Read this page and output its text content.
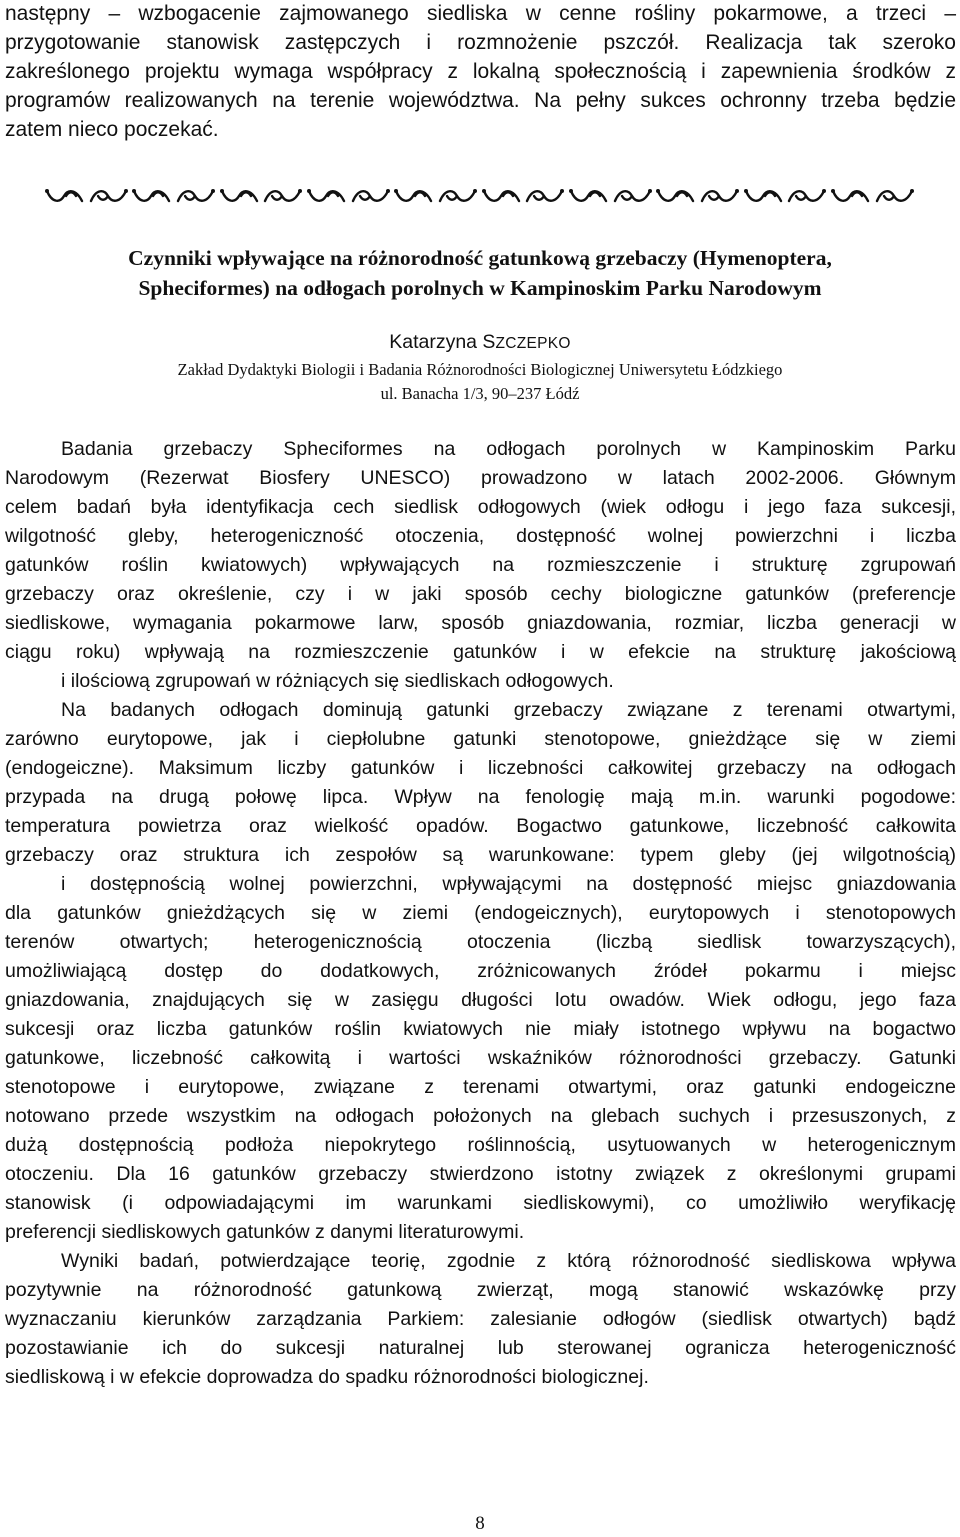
następny – wzbogacenie zajmowanego siedliska w cenne rośliny pokarmowe, a trzeci –
przygotowanie stanowisk zastępczych i rozmnożenie pszczół. Realizacja tak szeroko
zakreślonego projektu wymaga współpracy z lokalną społecznością i zapewnienia środków z
programów realizowanych na terenie województwa. Na pełny sukces ochronny trzeba będzie
zatem nieco poczekać.
Czynniki wpływające na różnorodność gatunkową grzebaczy (Hymenoptera,
Spheciformes) na odłogach porolnych w Kampinoskim Parku Narodowym
Katarzyna SZCZEPKO
Zakład Dydaktyki Biologii i Badania Różnorodności Biologicznej Uniwersytetu Łódzkiego
ul. Banacha 1/3, 90–237 Łódź
Badania grzebaczy Spheciformes na odłogach porolnych w Kampinoskim Parku
Narodowym (Rezerwat Biosfery UNESCO) prowadzono w latach 2002-2006. Głównym
celem badań była identyfikacja cech siedlisk odłogowych (wiek odłogu i jego faza sukcesji,
wilgotność gleby, heterogeniczność otoczenia, dostępność wolnej powierzchni i liczba
gatunków roślin kwiatowych) wpływających na rozmieszczenie i strukturę zgrupowań
grzebaczy oraz określenie, czy i w jaki sposób cechy biologiczne gatunków (preferencje
siedliskowe, wymagania pokarmowe larw, sposób gniazdowania, rozmiar, liczba generacji w
ciągu roku) wpływają na rozmieszczenie gatunków i w efekcie na strukturę jakościową
i ilościową zgrupowań w różniących się siedliskach odłogowych.
Na badanych odłogach dominują gatunki grzebaczy związane z terenami otwartymi,
zarówno eurytopowe, jak i ciepłolubne gatunki stenotopowe, gnieżdżące się w ziemi
(endogeiczne). Maksimum liczby gatunków i liczebności całkowitej grzebaczy na odłogach
przypada na drugą połowę lipca. Wpływ na fenologię mają m.in. warunki pogodowe:
temperatura powietrza oraz wielkość opadów. Bogactwo gatunkowe, liczebność całkowita
grzebaczy oraz struktura ich zespołów są warunkowane: typem gleby (jej wilgotnością)
i dostępnością wolnej powierzchni, wpływającymi na dostępność miejsc gniazdowania
dla gatunków gnieżdżących się w ziemi (endogeicznych), eurytopowych i stenotopowych
terenów otwartych; heterogenicznością otoczenia (liczbą siedlisk towarzyszących),
umożliwiającą dostęp do dodatkowych, zróżnicowanych źródeł pokarmu i miejsc
gniazdowania, znajdujących się w zasięgu długości lotu owadów. Wiek odłogu, jego faza
sukcesji oraz liczba gatunków roślin kwiatowych nie miały istotnego wpływu na bogactwo
gatunkowe, liczebność całkowitą i wartości wskaźników różnorodności grzebaczy. Gatunki
stenotopowe i eurytopowe, związane z terenami otwartymi, oraz gatunki endogeiczne
notowano przede wszystkim na odłogach położonych na glebach suchych i przesuszonych, z
dużą dostępnością podłoża niepokrytego roślinnością, usytuowanych w heterogenicznym
otoczeniu. Dla 16 gatunków grzebaczy stwierdzono istotny związek z określonymi grupami
stanowisk (i odpowiadającymi im warunkami siedliskowymi), co umożliwiło weryfikację
preferencji siedliskowych gatunków z danymi literaturowymi.
Wyniki badań, potwierdzające teorię, zgodnie z którą różnorodność siedliskowa wpływa
pozytywnie na różnorodność gatunkową zwierząt, mogą stanowić wskazówkę przy
wyznaczaniu kierunków zarządzania Parkiem: zalesianie odłogów (siedlisk otwartych) bądź
pozostawianie ich do sukcesji naturalnej lub sterowanej ogranicza heterogeniczność
siedliskową i w efekcie doprowadza do spadku różnorodności biologicznej.
8
